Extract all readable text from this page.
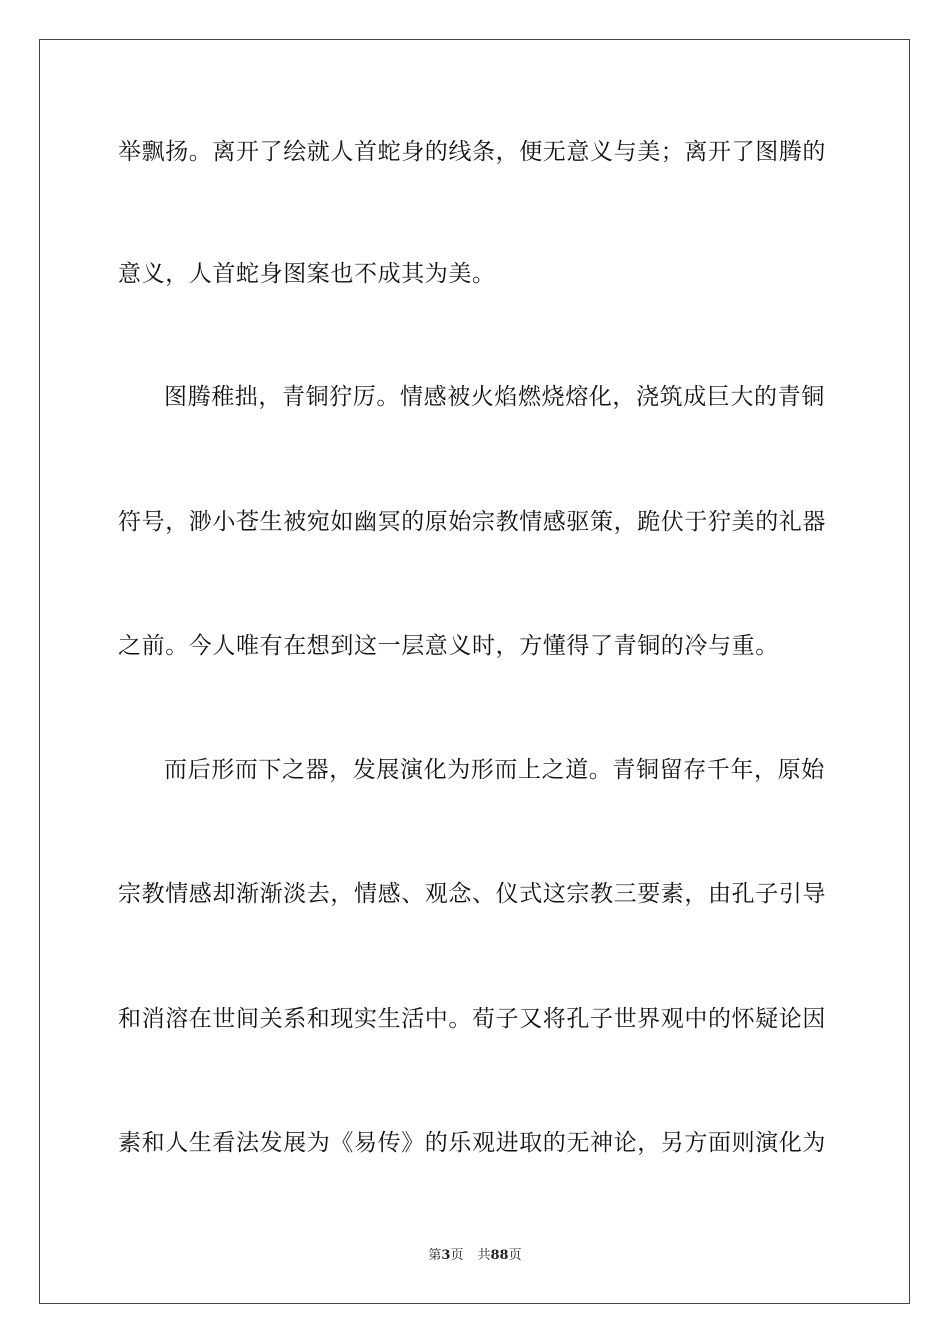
举飘扬。离开了绘就人首蛇身的线条，便无意义与美；离开了图腾的
意义，人首蛇身图案也不成其为美。
图腾稚拙，青铜狞厉。情感被火焰燃烧熔化，浇筑成巨大的青铜
符号，渺小苍生被宛如幽冥的原始宗教情感驱策，跪伏于狞美的礼器
之前。今人唯有在想到这一层意义时，方懂得了青铜的冷与重。
而后形而下之器，发展演化为形而上之道。青铜留存千年，原始
宗教情感却渐渐淡去，情感、观念、仪式这宗教三要素，由孔子引导
和消溶在世间关系和现实生活中。荀子又将孔子世界观中的怀疑论因
素和人生看法发展为《易传》的乐观进取的无神论，另方面则演化为
第3页 共88页
